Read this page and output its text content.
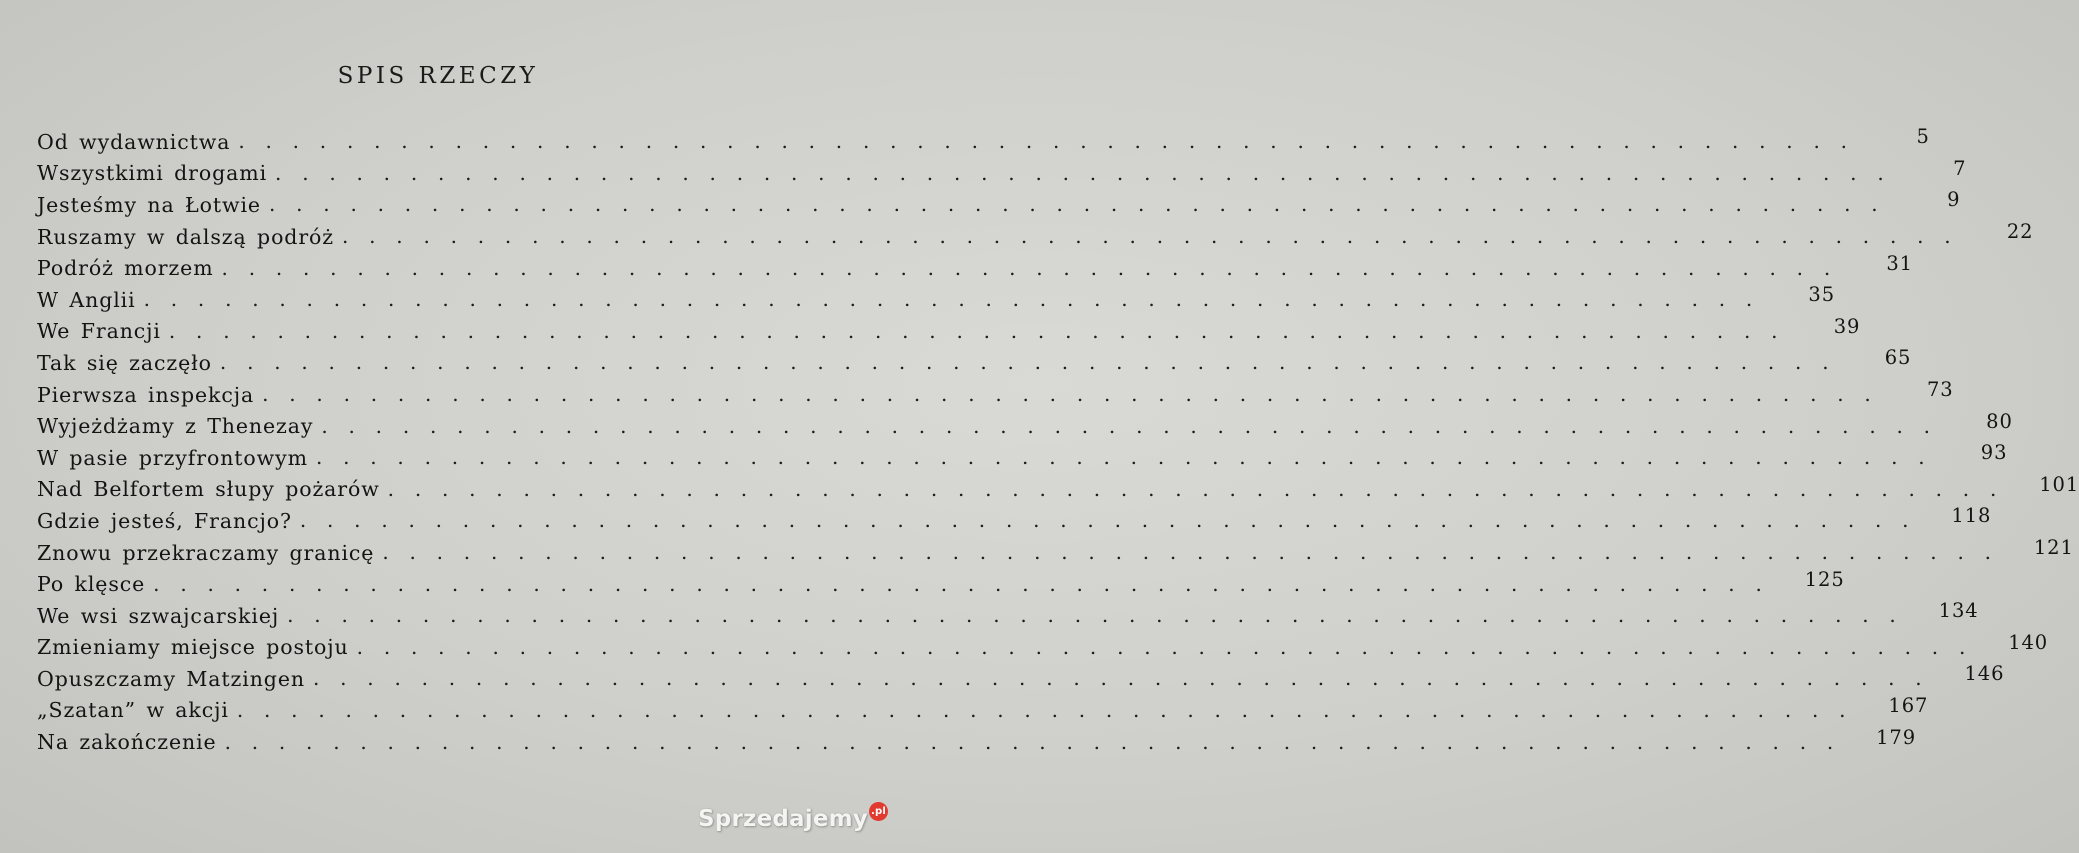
SPIS RZECZY
Od wydawnictwa ............................................................	5
Wszystkimi drogami ............................................................	7
Jesteśmy na Łotwie ............................................................	9
Ruszamy w dalszą podróż ............................................................	22
Podróż morzem ............................................................	31
W Anglii ............................................................	35
We Francji ............................................................	39
Tak się zaczęło ............................................................	65
Pierwsza inspekcja ............................................................	73
Wyjeżdżamy z Thenezay ............................................................	80
W pasie przyfrontowym ............................................................	93
Nad Belfortem słupy pożarów ............................................................	101
Gdzie jesteś, Francjo? ............................................................	118
Znowu przekraczamy granicę ............................................................	121
Po klęsce ............................................................	125
We wsi szwajcarskiej ............................................................	134
Zmieniamy miejsce postoju ............................................................	140
Opuszczamy Matzingen ............................................................	146
„Szatan” w akcji ............................................................	167
Na zakończenie ............................................................	179
Sprzedajemy .pl
